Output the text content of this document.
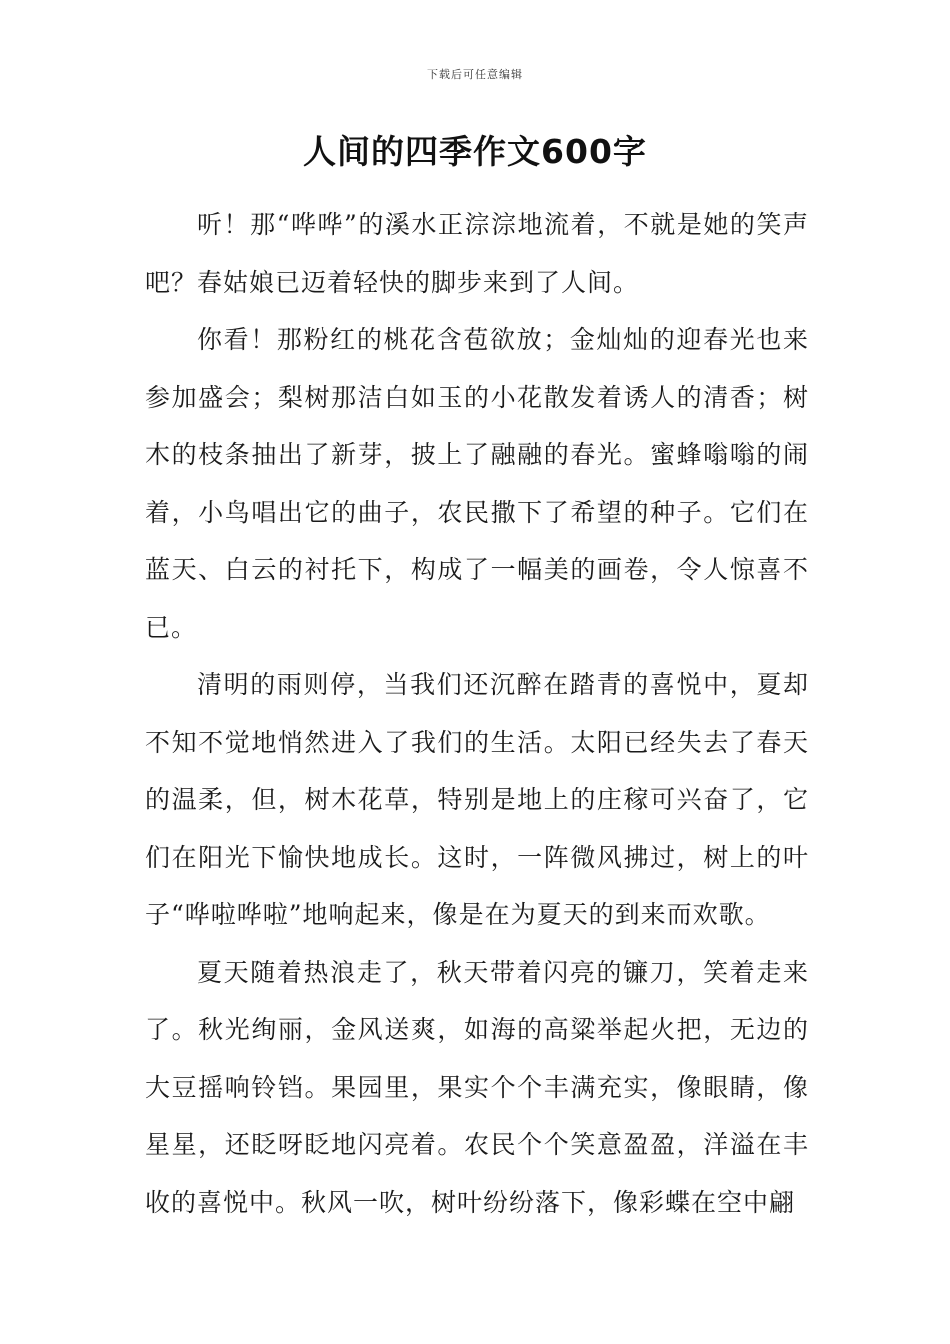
下载后可任意编辑
人间的四季作文600字

听！那“哗哗”的溪水正淙淙地流着，不就是她的笑声吧？春姑娘已迈着轻快的脚步来到了人间。

你看！那粉红的桃花含苞欲放；金灿灿的迎春光也来参加盛会；梨树那洁白如玉的小花散发着诱人的清香；树木的枝条抽出了新芽，披上了融融的春光。蜜蜂嗡嗡的闹着，小鸟唱出它的曲子，农民撒下了希望的种子。它们在蓝天、白云的衬托下，构成了一幅美的画卷，令人惊喜不已。

清明的雨则停，当我们还沉醉在踏青的喜悦中，夏却不知不觉地悄然进入了我们的生活。太阳已经失去了春天的温柔，但，树木花草，特别是地上的庄稼可兴奋了，它们在阳光下愉快地成长。这时，一阵微风拂过，树上的叶子“哗啦哗啦”地响起来，像是在为夏天的到来而欢歌。

夏天随着热浪走了，秋天带着闪亮的镰刀，笑着走来了。秋光绚丽，金风送爽，如海的高粱举起火把，无边的大豆摇响铃铛。果园里，果实个个丰满充实，像眼睛，像星星，还眨呀眨地闪亮着。农民个个笑意盈盈，洋溢在丰收的喜悦中。秋风一吹，树叶纷纷落下，像彩蝶在空中翩
